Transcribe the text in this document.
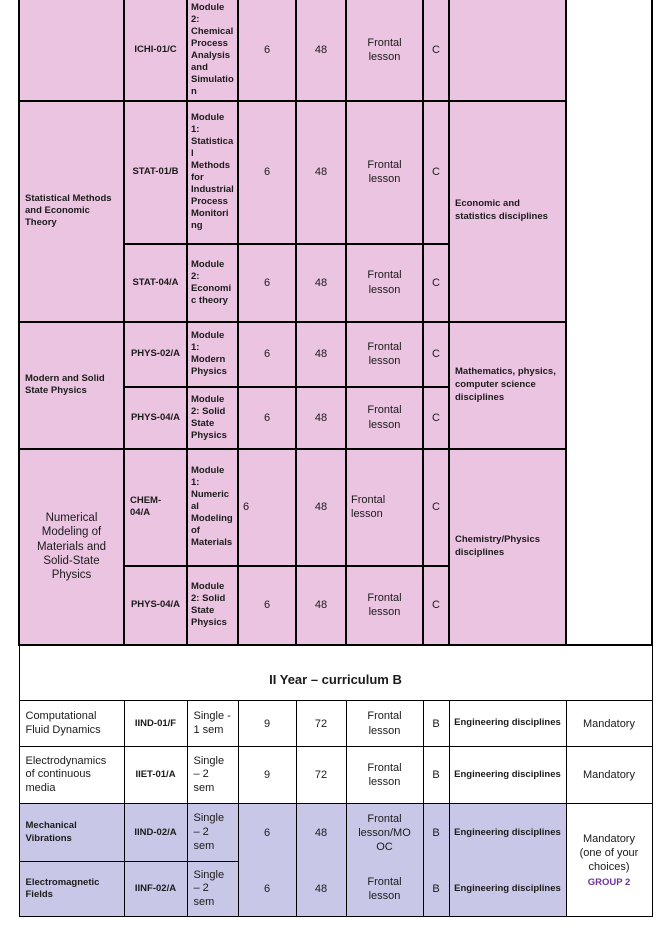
	ICHI-01/C	Module 2: Chemical Process Analysis and Simulation	6	48	Frontal lesson	C		
Statistical Methods and Economic Theory	STAT-01/B	Module 1: Statistical Methods for Industrial Process Monitoring	6	48	Frontal lesson	C	Economic and statistics disciplines	
	STAT-04/A	Module 2: Economic theory	6	48	Frontal lesson	C		
Modern and Solid State Physics	PHYS-02/A	Module 1: Modern Physics	6	48	Frontal lesson	C	Mathematics, physics, computer science disciplines	
	PHYS-04/A	Module 2: Solid State Physics	6	48	Frontal lesson	C		
Numerical Modeling of Materials and Solid-State Physics	CHEM-04/A	Module 1: Numerical Modeling of Materials	6	48	Frontal lesson	C	Chemistry/Physics disciplines	
	PHYS-04/A	Module 2: Solid State Physics	6	48	Frontal lesson	C		
II Year – curriculum B								
Computational Fluid Dynamics	IIND-01/F	Single - 1 sem	9	72	Frontal lesson	B	Engineering disciplines	Mandatory
Electrodynamics of continuous media	IIET-01/A	Single – 2 sem	9	72	Frontal lesson	B	Engineering disciplines	Mandatory
Mechanical Vibrations	IIND-02/A	Single – 2 sem	6	48	Frontal lesson/MOOC	B	Engineering disciplines	Mandatory (one of your choices)
GROUP 2

Electromagnetic Fields	IINF-02/A	Single – 2 sem	6	48	Frontal lesson	B	Engineering disciplines	
